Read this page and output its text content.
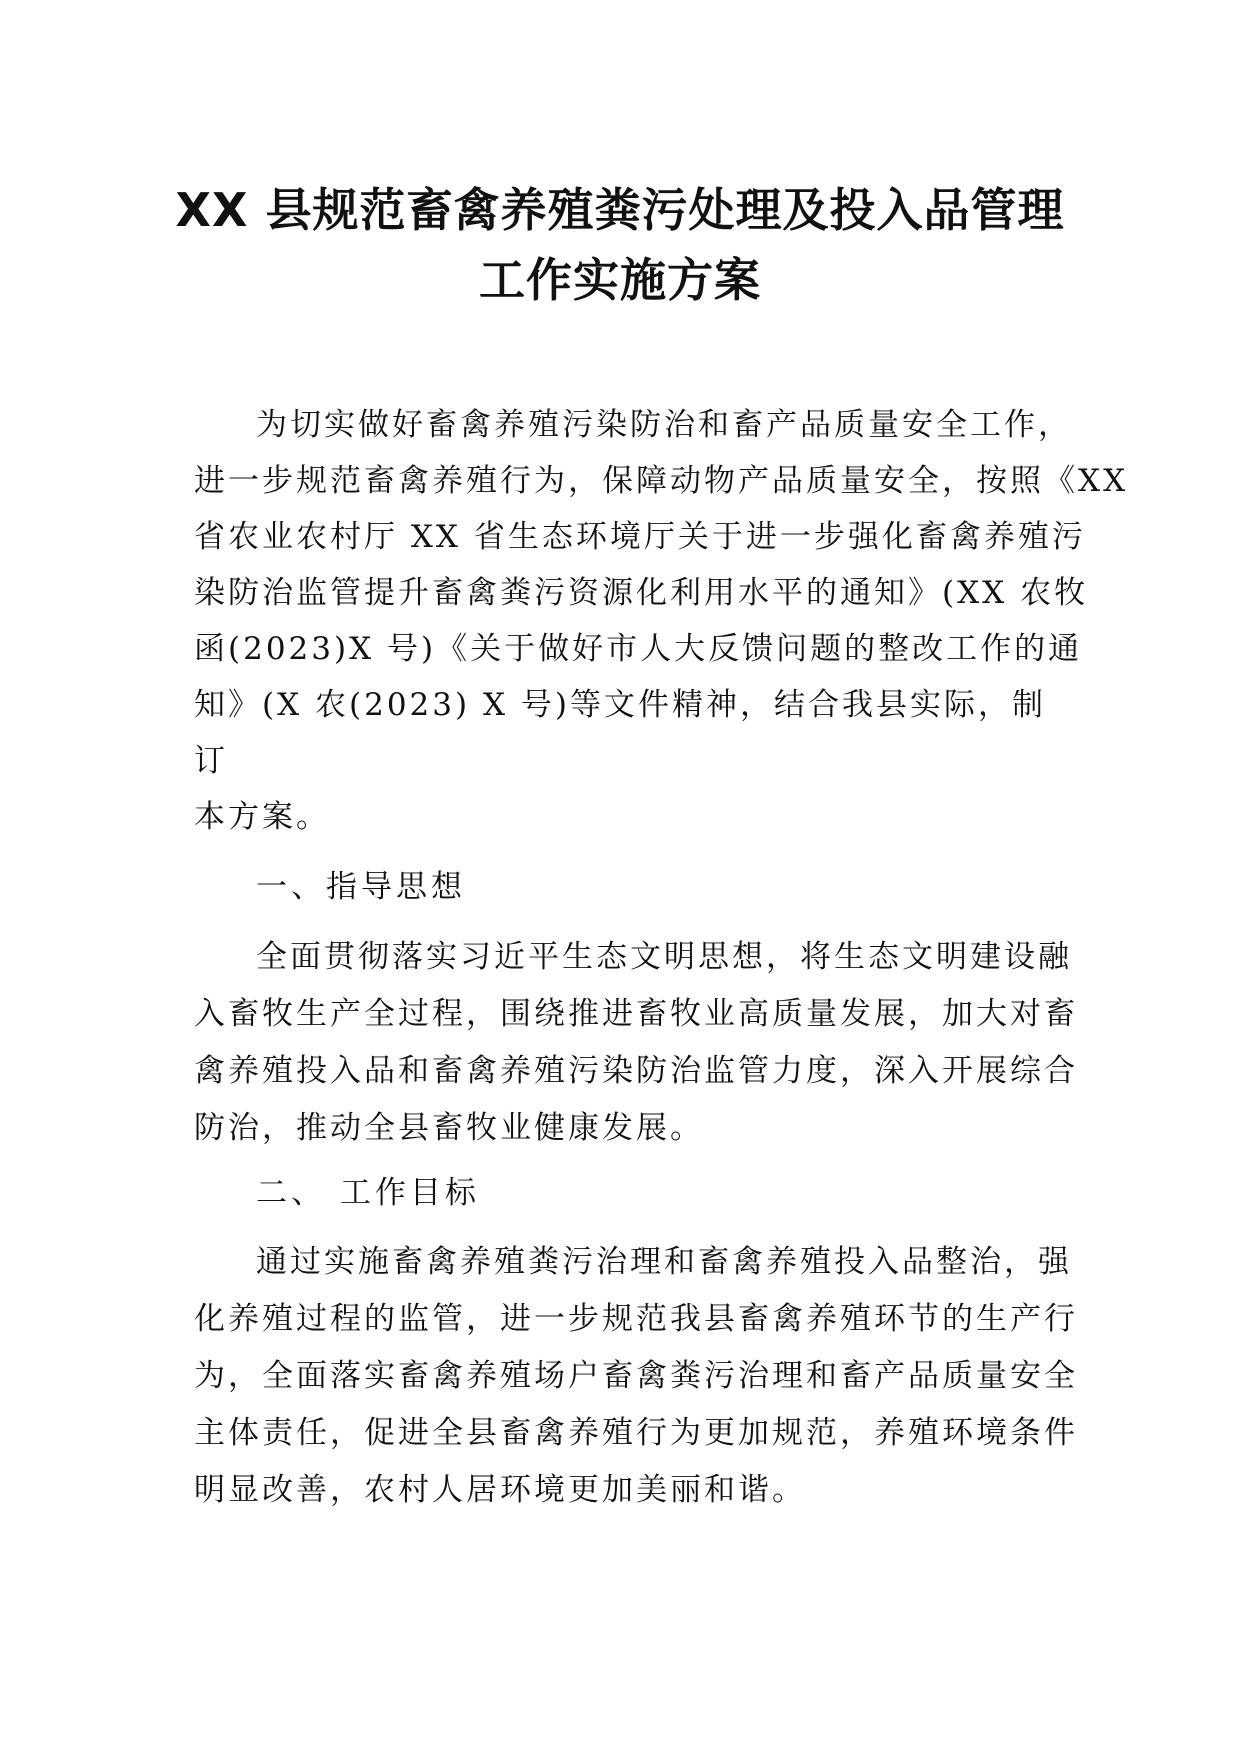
XX 县规范畜禽养殖粪污处理及投入品管理
工作实施方案

为切实做好畜禽养殖污染防治和畜产品质量安全工作，

进一步规范畜禽养殖行为，保障动物产品质量安全，按照《XX

省农业农村厅 XX 省生态环境厅关于进一步强化畜禽养殖污

染防治监管提升畜禽粪污资源化利用水平的通知》(XX 农牧

函(2023)X 号)《关于做好市人大反馈问题的整改工作的通

知》(X 农(2023) X 号)等文件精神，结合我县实际，制

订

本方案。

一、指导思想

全面贯彻落实习近平生态文明思想，将生态文明建设融

入畜牧生产全过程，围绕推进畜牧业高质量发展，加大对畜

禽养殖投入品和畜禽养殖污染防治监管力度，深入开展综合

防治，推动全县畜牧业健康发展。

二、 工作目标

通过实施畜禽养殖粪污治理和畜禽养殖投入品整治，强

化养殖过程的监管，进一步规范我县畜禽养殖环节的生产行

为，全面落实畜禽养殖场户畜禽粪污治理和畜产品质量安全

主体责任，促进全县畜禽养殖行为更加规范，养殖环境条件

明显改善，农村人居环境更加美丽和谐。
